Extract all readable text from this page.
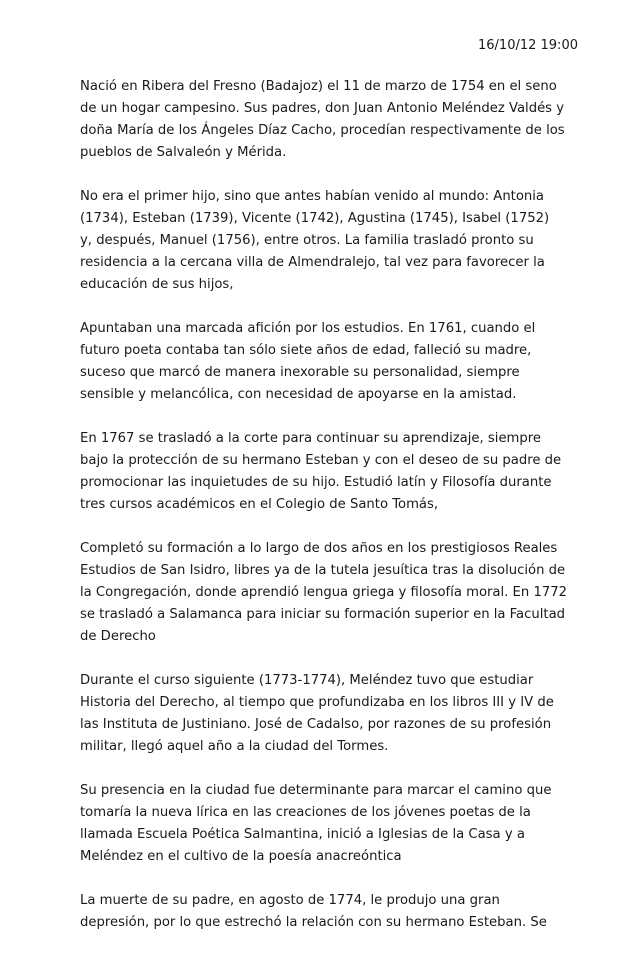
16/10/12 19:00

Nació en Ribera del Fresno (Badajoz) el 11 de marzo de 1754 en el seno
de un hogar campesino. Sus padres, don Juan Antonio Meléndez Valdés y
doña María de los Ángeles Díaz Cacho, procedían respectivamente de los
pueblos de Salvaleón y Mérida.

No era el primer hijo, sino que antes habían venido al mundo: Antonia
(1734), Esteban (1739), Vicente (1742), Agustina (1745), Isabel (1752)
y, después, Manuel (1756), entre otros. La familia trasladó pronto su
residencia a la cercana villa de Almendralejo, tal vez para favorecer la
educación de sus hijos,

Apuntaban una marcada afición por los estudios. En 1761, cuando el
futuro poeta contaba tan sólo siete años de edad, falleció su madre,
suceso que marcó de manera inexorable su personalidad, siempre
sensible y melancólica, con necesidad de apoyarse en la amistad.

En 1767 se trasladó a la corte para continuar su aprendizaje, siempre
bajo la protección de su hermano Esteban y con el deseo de su padre de
promocionar las inquietudes de su hijo. Estudió latín y Filosofía durante
tres cursos académicos en el Colegio de Santo Tomás,

Completó su formación a lo largo de dos años en los prestigiosos Reales
Estudios de San Isidro, libres ya de la tutela jesuítica tras la disolución de
la Congregación, donde aprendió lengua griega y filosofía moral. En 1772
se trasladó a Salamanca para iniciar su formación superior en la Facultad
de Derecho

Durante el curso siguiente (1773-1774), Meléndez tuvo que estudiar
Historia del Derecho, al tiempo que profundizaba en los libros III y IV de
las Instituta de Justiniano. José de Cadalso, por razones de su profesión
militar, llegó aquel año a la ciudad del Tormes.

Su presencia en la ciudad fue determinante para marcar el camino que
tomaría la nueva lírica en las creaciones de los jóvenes poetas de la
llamada Escuela Poética Salmantina, inició a Iglesias de la Casa y a
Meléndez en el cultivo de la poesía anacreóntica

La muerte de su padre, en agosto de 1774, le produjo una gran
depresión, por lo que estrechó la relación con su hermano Esteban. Se
